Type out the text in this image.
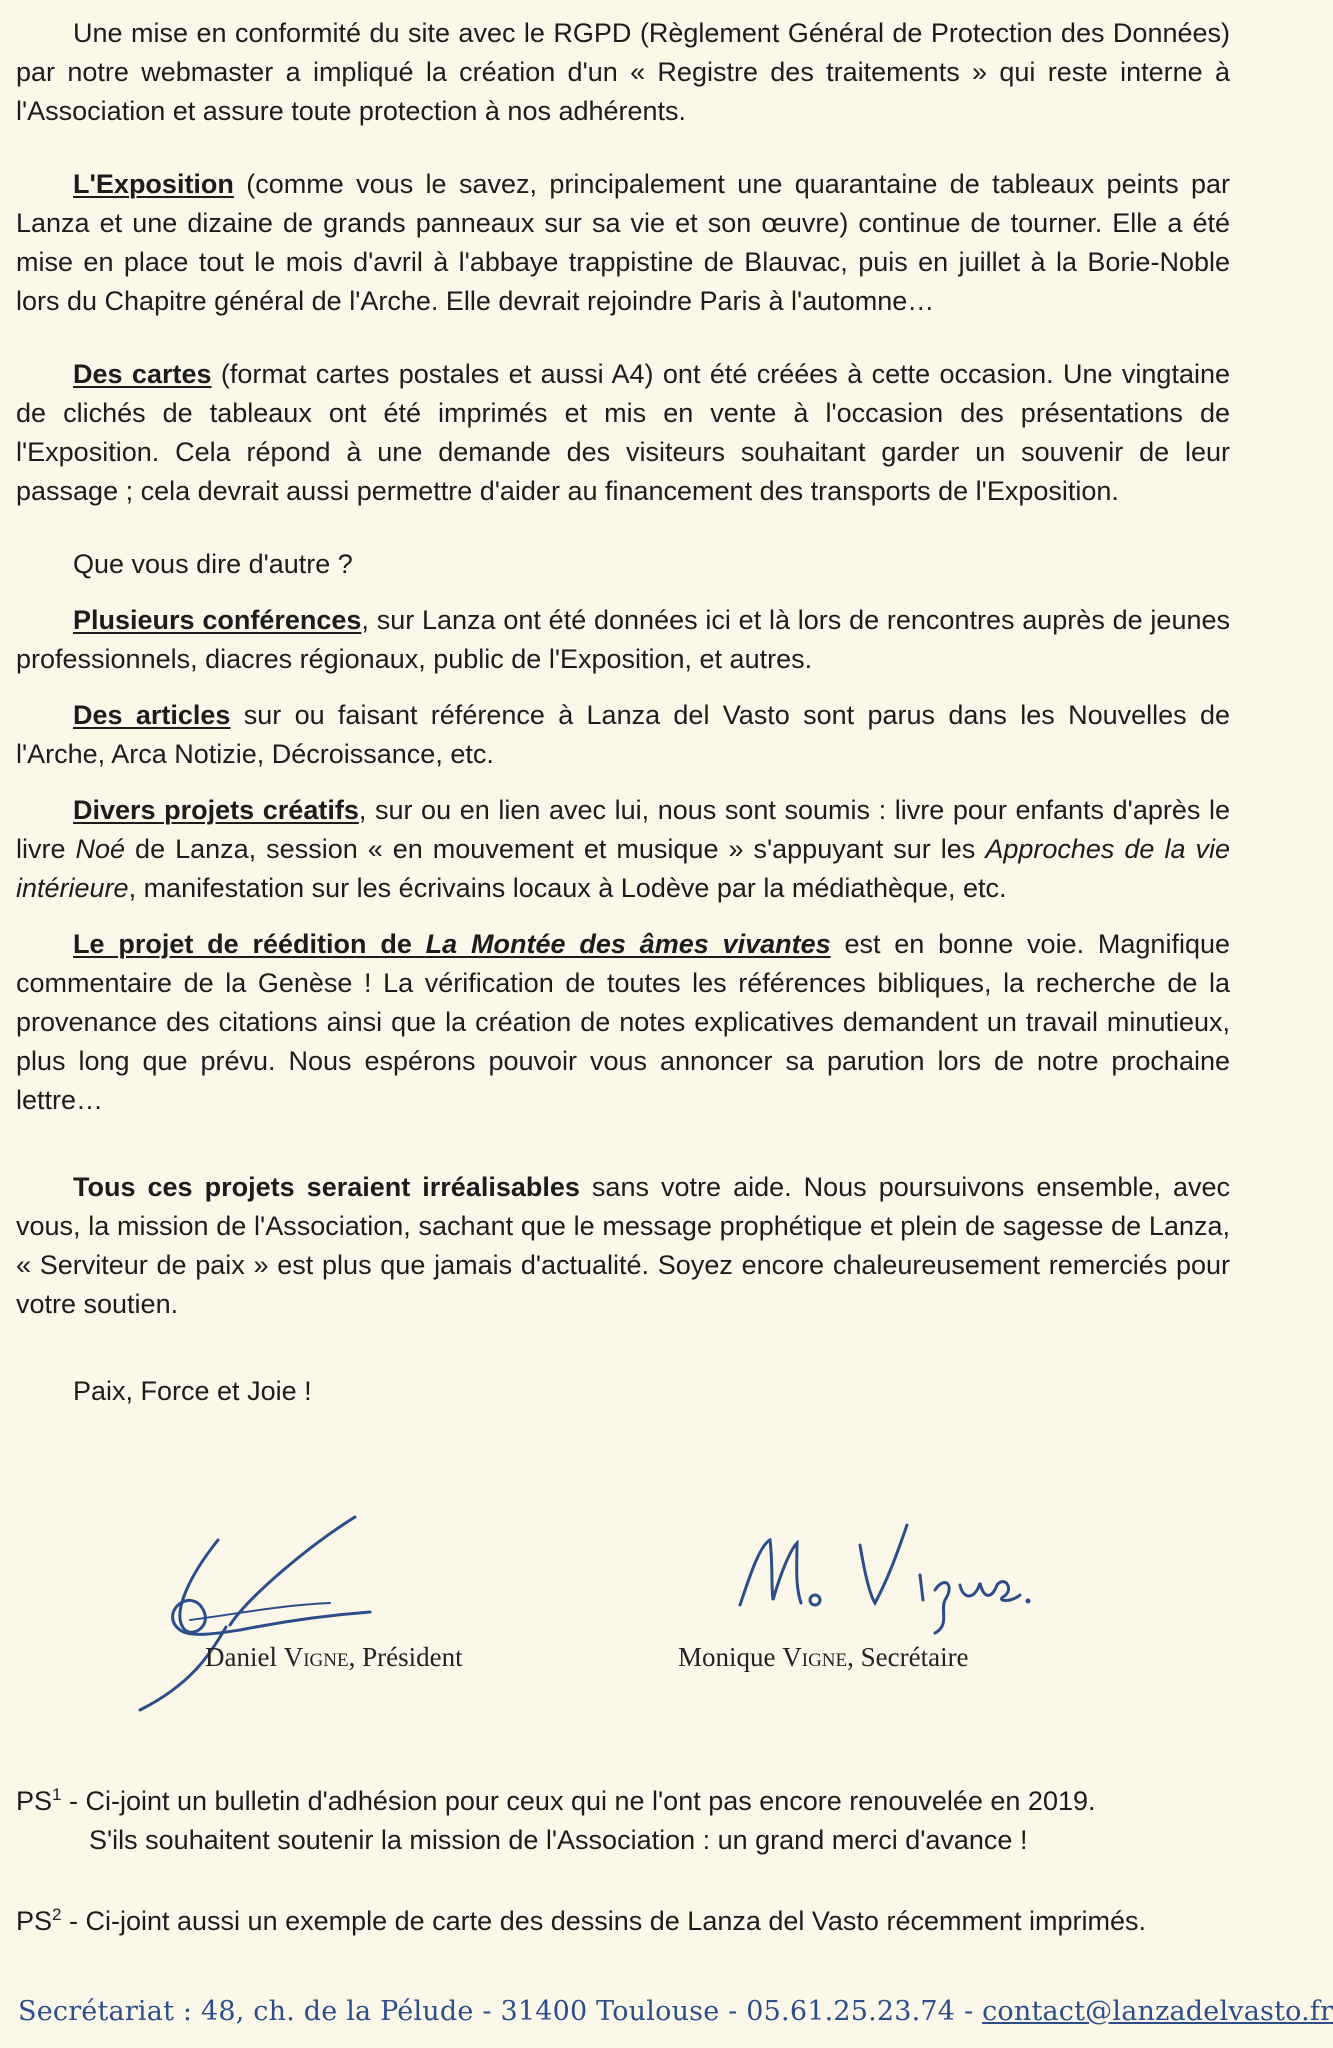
Une mise en conformité du site avec le RGPD (Règlement Général de Protection des Données) par notre webmaster a impliqué la création d'un « Registre des traitements » qui reste interne à l'Association et assure toute protection à nos adhérents.

L'Exposition (comme vous le savez, principalement une quarantaine de tableaux peints par Lanza et une dizaine de grands panneaux sur sa vie et son œuvre) continue de tourner. Elle a été mise en place tout le mois d'avril à l'abbaye trappistine de Blauvac, puis en juillet à la Borie-Noble lors du Chapitre général de l'Arche. Elle devrait rejoindre Paris à l'automne…

Des cartes (format cartes postales et aussi A4) ont été créées à cette occasion. Une vingtaine de clichés de tableaux ont été imprimés et mis en vente à l'occasion des présentations de l'Exposition. Cela répond à une demande des visiteurs souhaitant garder un souvenir de leur passage ; cela devrait aussi permettre d'aider au financement des transports de l'Exposition.

Que vous dire d'autre ?

Plusieurs conférences, sur Lanza ont été données ici et là lors de rencontres auprès de jeunes professionnels, diacres régionaux, public de l'Exposition, et autres.

Des articles sur ou faisant référence à Lanza del Vasto sont parus dans les Nouvelles de l'Arche, Arca Notizie, Décroissance, etc.

Divers projets créatifs, sur ou en lien avec lui, nous sont soumis : livre pour enfants d'après le livre Noé de Lanza, session « en mouvement et musique » s'appuyant sur les Approches de la vie intérieure, manifestation sur les écrivains locaux à Lodève par la médiathèque, etc.

Le projet de réédition de La Montée des âmes vivantes est en bonne voie. Magnifique commentaire de la Genèse ! La vérification de toutes les références bibliques, la recherche de la provenance des citations ainsi que la création de notes explicatives demandent un travail minutieux, plus long que prévu. Nous espérons pouvoir vous annoncer sa parution lors de notre prochaine lettre…

Tous ces projets seraient irréalisables sans votre aide. Nous poursuivons ensemble, avec vous, la mission de l'Association, sachant que le message prophétique et plein de sagesse de Lanza, « Serviteur de paix » est plus que jamais d'actualité. Soyez encore chaleureusement remerciés pour votre soutien.

Paix, Force et Joie !

Daniel Vigne, Président	Monique Vigne, Secrétaire
$PS^1$ - Ci-joint un bulletin d'adhésion pour ceux qui ne l'ont pas encore renouvelée en 2019.
S'ils souhaitent soutenir la mission de l'Association : un grand merci d'avance !
$PS^2$ - Ci-joint aussi un exemple de carte des dessins de Lanza del Vasto récemment imprimés.
Secrétariat : 48, ch. de la Pélude - 31400 Toulouse - 05.61.25.23.74 - contact@lanzadelvasto.fr
